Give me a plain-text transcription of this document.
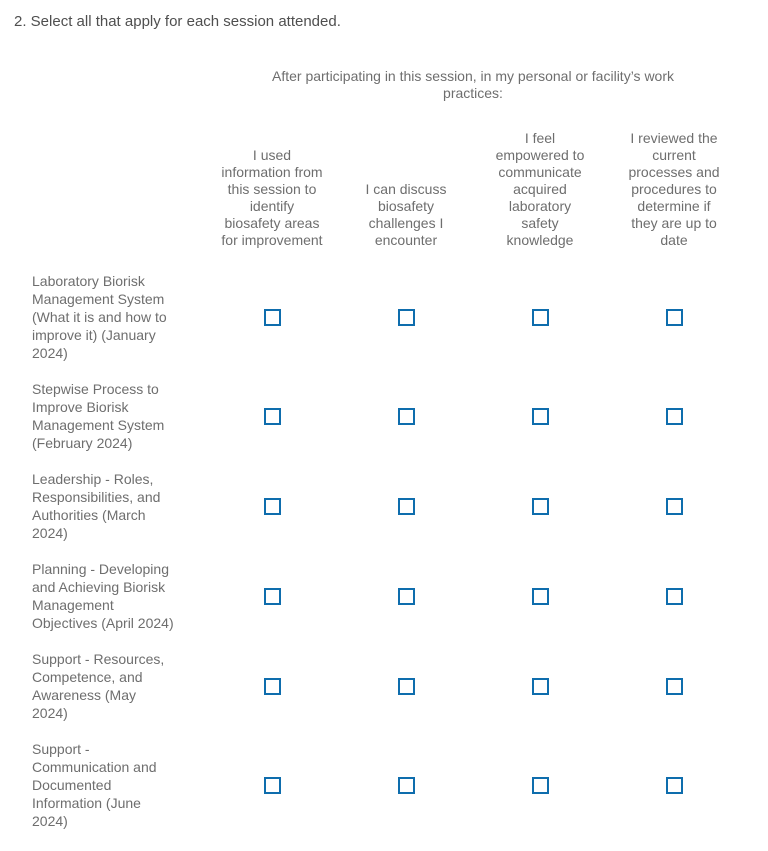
2. Select all that apply for each session attended.
After participating in this session, in my personal or facility’s work
practices:
I used
information from
this session to
identify
biosafety areas
for improvement
I can discuss
biosafety
challenges I
encounter
I feel
empowered to
communicate
acquired
laboratory
safety
knowledge
I reviewed the
current
processes and
procedures to
determine if
they are up to
date
Laboratory Biorisk
Management System
(What it is and how to
improve it) (January
2024)
Stepwise Process to
Improve Biorisk
Management System
(February 2024)
Leadership - Roles,
Responsibilities, and
Authorities (March
2024)
Planning - Developing
and Achieving Biorisk
Management
Objectives (April 2024)
Support - Resources,
Competence, and
Awareness (May
2024)
Support -
Communication and
Documented
Information (June
2024)
